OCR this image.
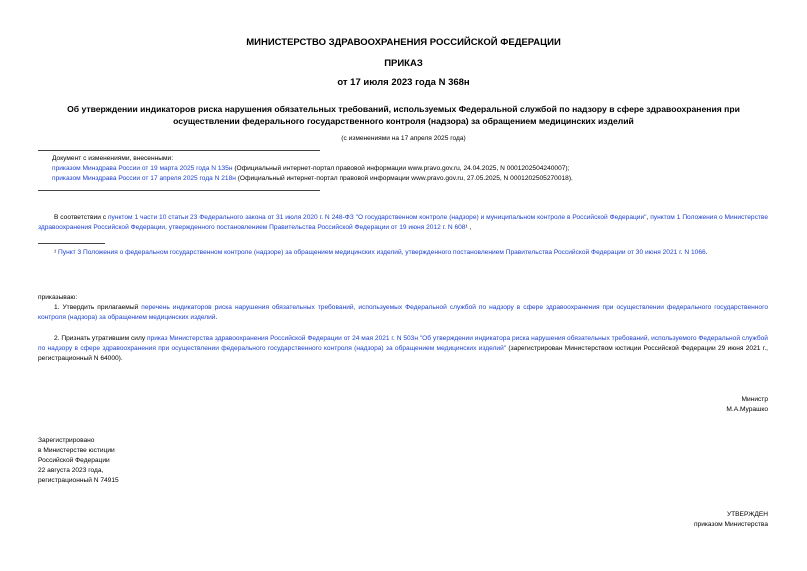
МИНИСТЕРСТВО ЗДРАВООХРАНЕНИЯ РОССИЙСКОЙ ФЕДЕРАЦИИ
ПРИКАЗ
от 17 июля 2023 года N 368н
Об утверждении индикаторов риска нарушения обязательных требований, используемых Федеральной службой по надзору в сфере здравоохранения при
осуществлении федерального государственного контроля (надзора) за обращением медицинских изделий
(с изменениями на 17 апреля 2025 года)
Документ с изменениями, внесенными:
приказом Минздрава России от 19 марта 2025 года N 135н (Официальный интернет-портал правовой информации www.pravo.gov.ru, 24.04.2025, N 0001202504240007);
приказом Минздрава России от 17 апреля 2025 года N 218н (Официальный интернет-портал правовой информации www.pravo.gov.ru, 27.05.2025, N 0001202505270018).
В соответствии с пунктом 1 части 10 статьи 23 Федерального закона от 31 июля 2020 г. N 248-ФЗ "О государственном контроле (надзоре) и муниципальном контроле в Российской Федерации", пунктом 1 Положения о Министерстве здравоохранения Российской Федерации, утвержденного постановлением Правительства Российской Федерации от 19 июня 2012 г. N 608¹ ,
¹ Пункт 3 Положения о федеральном государственном контроле (надзоре) за обращением медицинских изделий, утвержденного постановлением Правительства Российской Федерации от 30 июня 2021 г. N 1066.
приказываю:
1. Утвердить прилагаемый перечень индикаторов риска нарушения обязательных требований, используемых Федеральной службой по надзору в сфере здравоохранения при осуществлении федерального государственного контроля (надзора) за обращением медицинских изделий.
2. Признать утратившим силу приказ Министерства здравоохранения Российской Федерации от 24 мая 2021 г. N 503н "Об утверждении индикатора риска нарушения обязательных требований, используемого Федеральной службой по надзору в сфере здравоохранения при осуществлении федерального государственного контроля (надзора) за обращением медицинских изделий" (зарегистрирован Министерством юстиции Российской Федерации 29 июня 2021 г., регистрационный N 64000).
Министр
М.А.Мурашко
Зарегистрировано
в Министерстве юстиции
Российской Федерации
22 августа 2023 года,
регистрационный N 74915
УТВЕРЖДЕН
приказом Министерства
